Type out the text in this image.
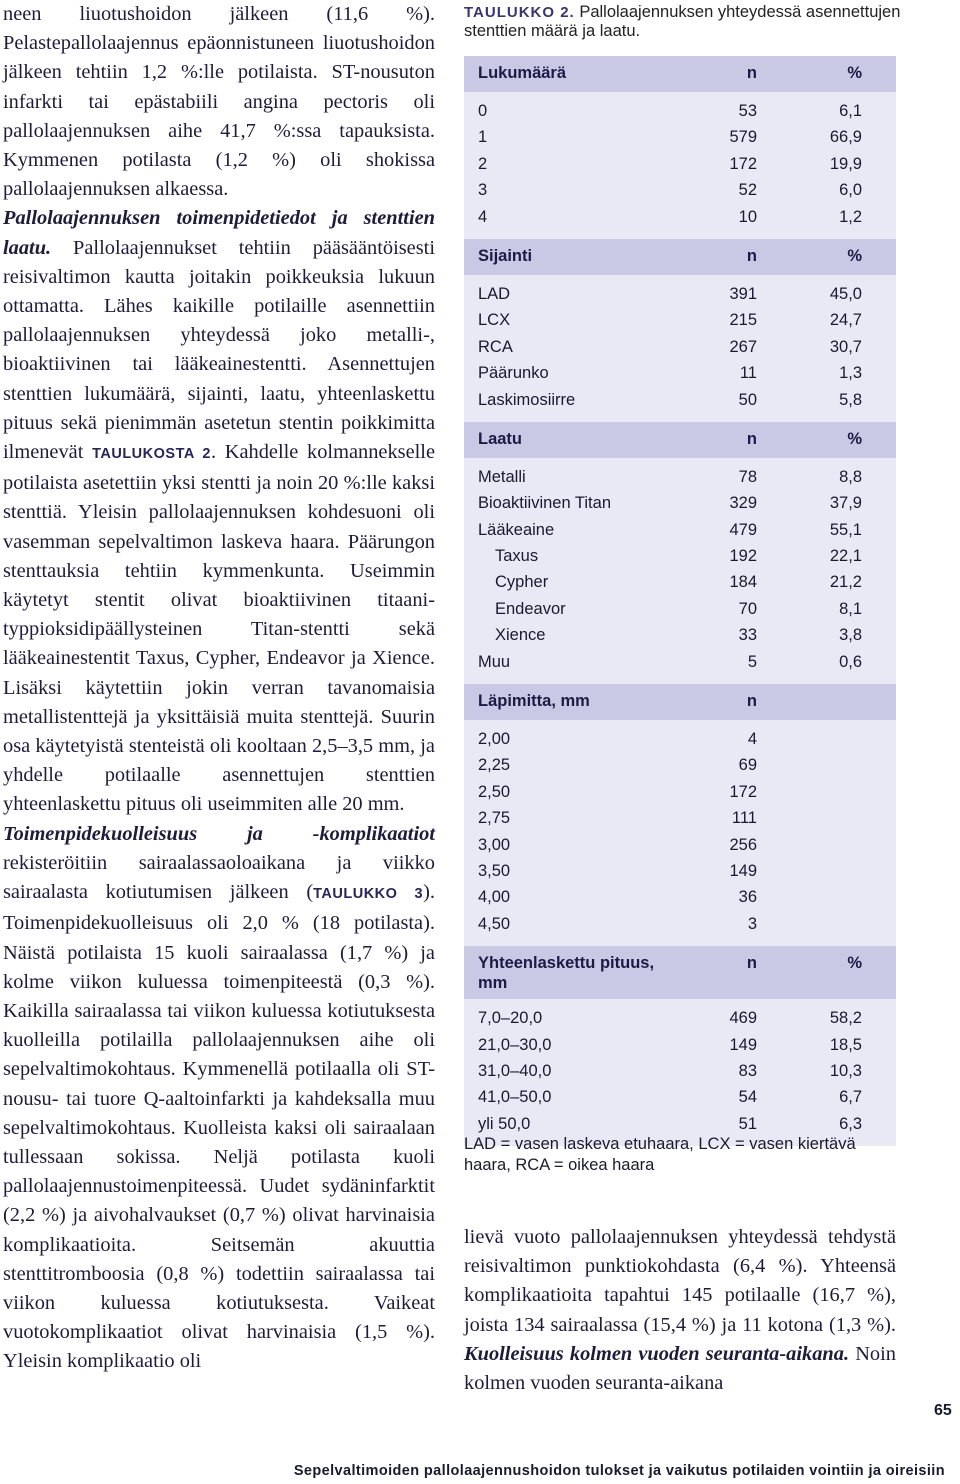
neen liuotushoidon jälkeen (11,6 %). Pelastepallolaajennus epäonnistuneen liuotushoidon jälkeen tehtiin 1,2 %:lle potilaista. ST-nousuton infarkti tai epästabiili angina pectoris oli pallolaajennuksen aihe 41,7 %:ssa tapauksista. Kymmenen potilasta (1,2 %) oli shokissa pallolaajennuksen alkaessa.

Pallolaajennuksen toimenpidetiedot ja stenttien laatu. Pallolaajennukset tehtiin pääsääntöisesti reisivaltimon kautta joitakin poikkeuksia lukuun ottamatta. Lähes kaikille potilaille asennettiin pallolaajennuksen yhteydessä joko metalli-, bioaktiivinen tai lääkeainestentti. Asennettujen stenttien lukumäärä, sijainti, laatu, yhteenlaskettu pituus sekä pienimmän asetetun stentin poikkimitta ilmenevät TAULUKOSTA 2. Kahdelle kolmannekselle potilaista asetettiin yksi stentti ja noin 20 %:lle kaksi stenttiä. Yleisin pallolaajennuksen kohdesuoni oli vasemman sepelvaltimon laskeva haara. Päärungon stenttauksia tehtiin kymmenkunta. Useimmin käytetyt stentit olivat bioaktiivinen titaani-typpioksidipäällysteinen Titan-stentti sekä lääkeainestentit Taxus, Cypher, Endeavor ja Xience. Lisäksi käytettiin jokin verran tavanomaisia metallistenttejä ja yksittäisiä muita stenttejä. Suurin osa käytetyistä stenteistä oli kooltaan 2,5–3,5 mm, ja yhdelle potilaalle asennettujen stenttien yhteenlaskettu pituus oli useimmiten alle 20 mm.

Toimenpidekuolleisuus ja -komplikaatiot rekisteröitiin sairaalassaoloaikana ja viikko sairaalasta kotiutumisen jälkeen (TAULUKKO 3). Toimenpidekuolleisuus oli 2,0 % (18 potilasta). Näistä potilaista 15 kuoli sairaalassa (1,7 %) ja kolme viikon kuluessa toimenpiteestä (0,3 %). Kaikilla sairaalassa tai viikon kuluessa kotiutuksesta kuolleilla potilailla pallolaajennuksen aihe oli sepelvaltimokohtaus. Kymmenellä potilaalla oli ST-nousu- tai tuore Q-aaltoinfarkti ja kahdeksalla muu sepelvaltimokohtaus. Kuolleista kaksi oli sairaalaan tullessaan sokissa. Neljä potilasta kuoli pallolaajennustoimenpiteessä. Uudet sydäninfarktit (2,2 %) ja aivohalvaukset (0,7 %) olivat harvinaisia komplikaatioita. Seitsemän akuuttia stenttitromboosia (0,8 %) todettiin sairaalassa tai viikon kuluessa kotiutuksesta. Vaikeat vuotokomplikaatiot olivat harvinaisia (1,5 %). Yleisin komplikaatio oli

TAULUKKO 2. Pallolaajennuksen yhteydessä asennettujen stenttien määrä ja laatu.
Lukumäärä	n	%
0	53	6,1
1	579	66,9
2	172	19,9
3	52	6,0
4	10	1,2
Sijainti	n	%
LAD	391	45,0
LCX	215	24,7
RCA	267	30,7
Päärunko	11	1,3
Laskimosiirre	50	5,8
Laatu	n	%
Metalli	78	8,8
Bioaktiivinen Titan	329	37,9
Lääkeaine	479	55,1
Taxus	192	22,1
Cypher	184	21,2
Endeavor	70	8,1
Xience	33	3,8
Muu	5	0,6
Läpimitta, mm	n
2,00	4
2,25	69
2,50	172
2,75	111
3,00	256
3,50	149
4,00	36
4,50	3
Yhteenlaskettu pituus, mm
n	%
7,0–20,0	469	58,2
21,0–30,0	149	18,5
31,0–40,0	83	10,3
41,0–50,0	54	6,7
yli 50,0	51	6,3
LAD = vasen laskeva etuhaara, LCX = vasen kiertävä haara, RCA = oikea haara
lievä vuoto pallolaajennuksen yhteydessä tehdystä reisivaltimon punktiokohdasta (6,4 %). Yhteensä komplikaatioita tapahtui 145 potilaalle (16,7 %), joista 134 sairaalassa (15,4 %) ja 11 kotona (1,3 %). Kuolleisuus kolmen vuoden seuranta-aikana. Noin kolmen vuoden seuranta-aikana
65
Sepelvaltimoiden pallolaajennushoidon tulokset ja vaikutus potilaiden vointiin ja oireisiin
